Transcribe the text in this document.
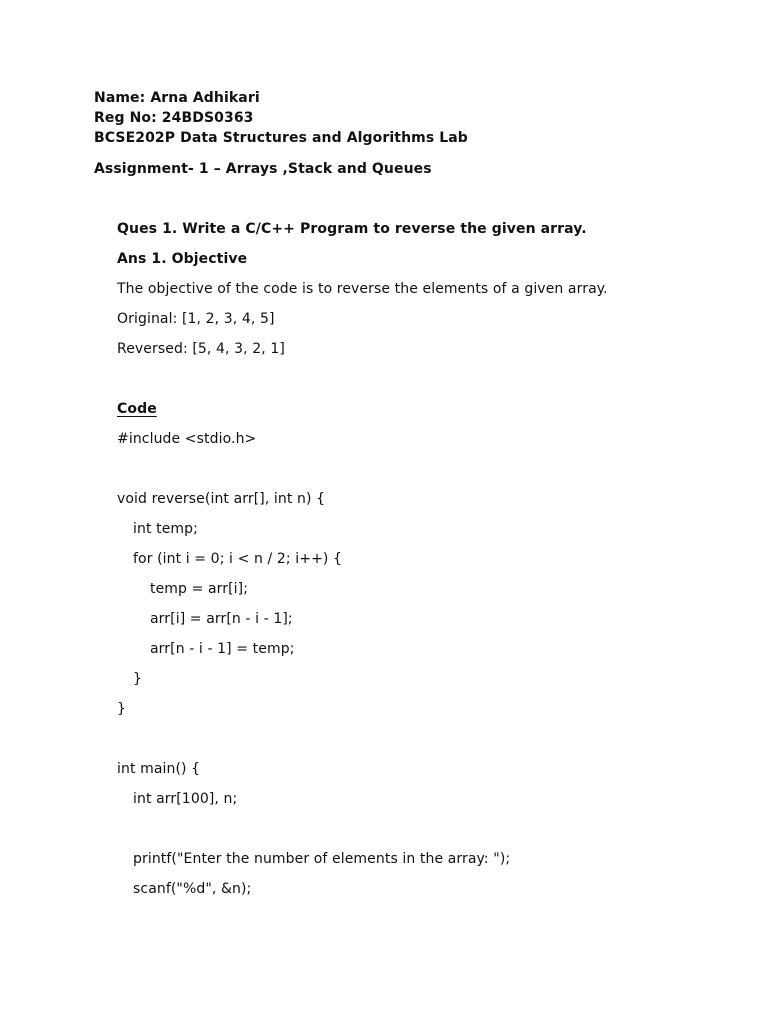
Name: Arna Adhikari
Reg No: 24BDS0363
BCSE202P Data Structures and Algorithms Lab
Assignment- 1 – Arrays ,Stack and Queues
Ques 1. Write a C/C++ Program to reverse the given array.
Ans 1. Objective
The objective of the code is to reverse the elements of a given array.
Original: [1, 2, 3, 4, 5]
Reversed: [5, 4, 3, 2, 1]
Code
#include <stdio.h>
void reverse(int arr[], int n) {
int temp;
for (int i = 0; i < n / 2; i++) {
temp = arr[i];
arr[i] = arr[n - i - 1];
arr[n - i - 1] = temp;
}
}
int main() {
int arr[100], n;
printf("Enter the number of elements in the array: ");
scanf("%d", &n);
